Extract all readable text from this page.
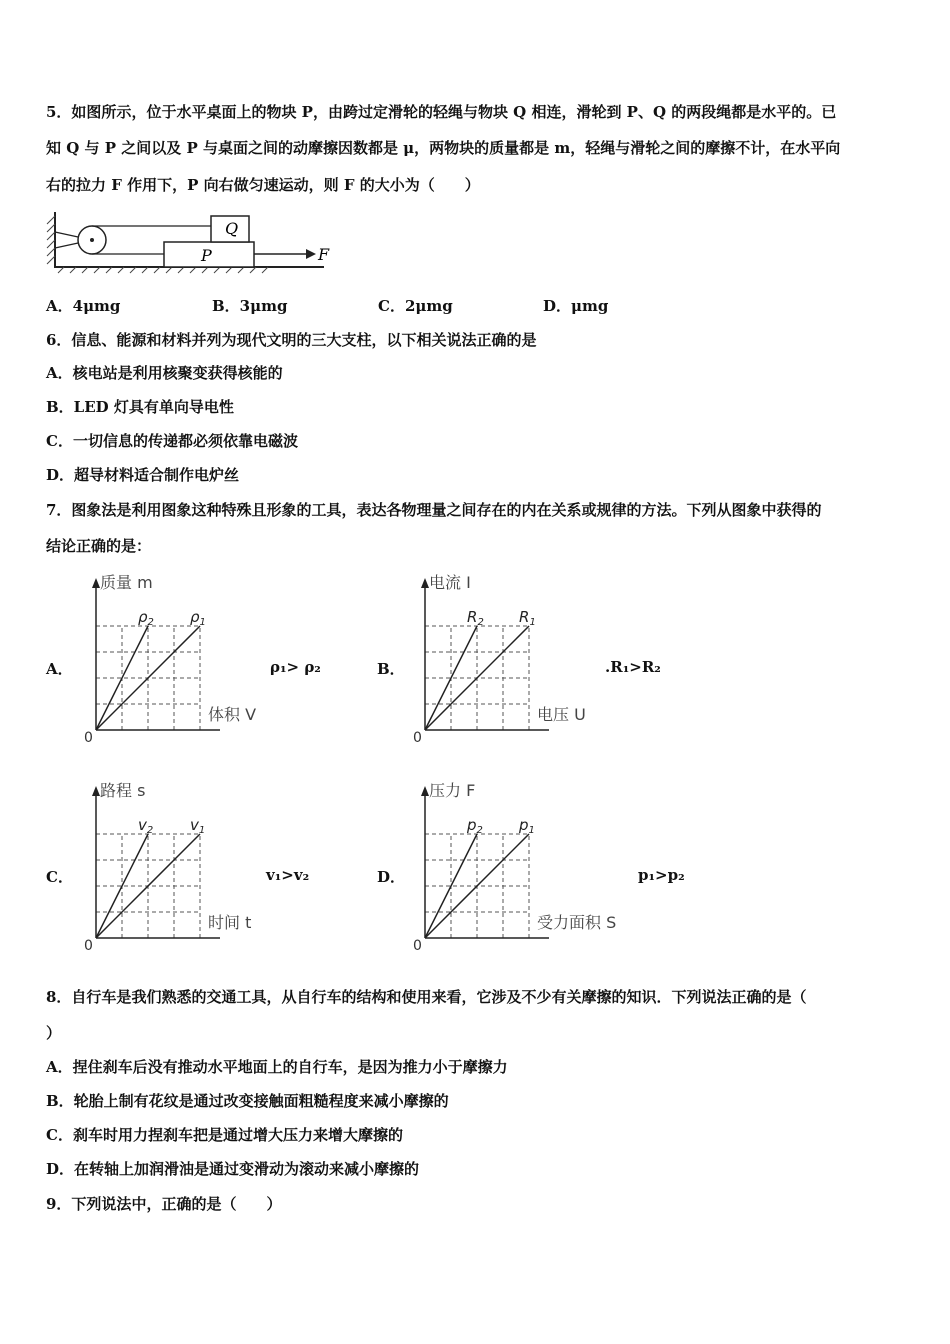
5．如图所示，位于水平桌面上的物块 P，由跨过定滑轮的轻绳与物块 Q 相连，滑轮到 P、Q 的两段绳都是水平的。已
知 Q 与 P 之间以及 P 与桌面之间的动摩擦因数都是 μ，两物块的质量都是 m，轻绳与滑轮之间的摩擦不计，在水平向
右的拉力 F 作用下，P 向右做匀速运动，则 F 的大小为（　　）
Q
P	F
A．4μmg	B．3μmg	C．2μmg	D．μmg
6．信息、能源和材料并列为现代文明的三大支柱，以下相关说法正确的是
A．核电站是利用核聚变获得核能的
B．LED 灯具有单向导电性
C．一切信息的传递都必须依靠电磁波
D．超导材料适合制作电炉丝
7．图象法是利用图象这种特殊且形象的工具，表达各物理量之间存在的内在关系或规律的方法。下列从图象中获得的
结论正确的是：
A．	ρ₁> ρ₂	B．	.R₁>R₂
C．	v₁>v₂	D．	p₁>p₂
质量 m
体积 V
0
$\rho_2$ $\rho_1$
电流 I
电压 U
0
$R_2$ $R_1$
路程 s
时间 t
0
$v_2$ $v_1$
压力 F
受力面积 S
0
$p_2$ $p_1$
8．自行车是我们熟悉的交通工具，从自行车的结构和使用来看，它涉及不少有关摩擦的知识．下列说法正确的是（
）
A．捏住刹车后没有推动水平地面上的自行车，是因为推力小于摩擦力
B．轮胎上制有花纹是通过改变接触面粗糙程度来减小摩擦的
C．刹车时用力捏刹车把是通过增大压力来增大摩擦的
D．在转轴上加润滑油是通过变滑动为滚动来减小摩擦的
9．下列说法中，正确的是（　　）
